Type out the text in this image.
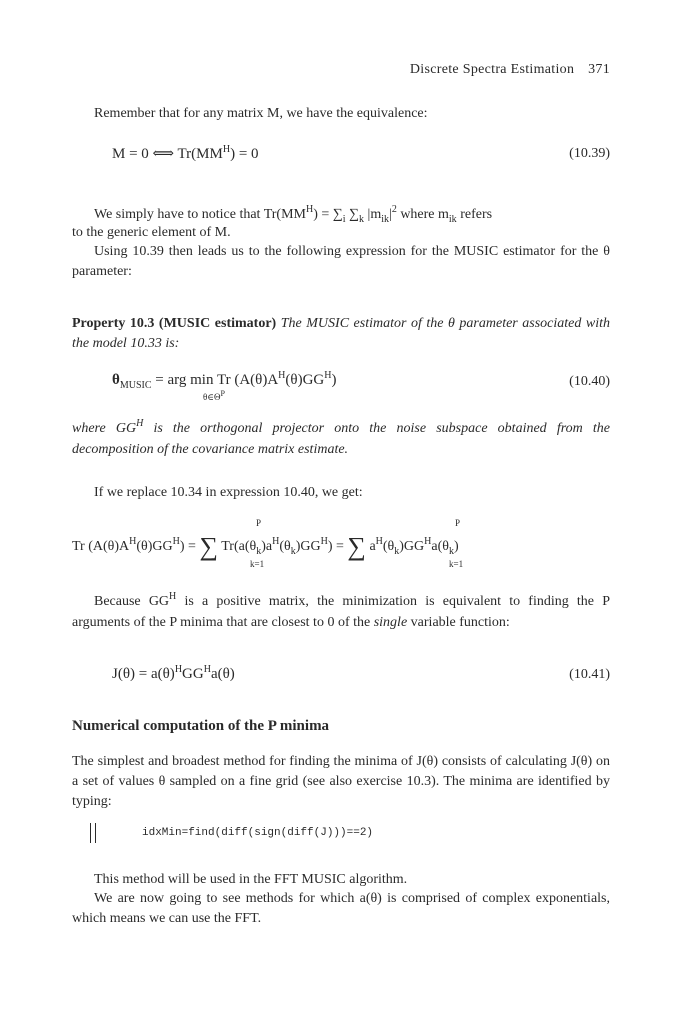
Discrete Spectra Estimation 371
Remember that for any matrix M, we have the equivalence:
M = 0 ⟺ $Tr(MM^H) = 0$	(10.39)
We simply have to notice that $Tr(MM^H) = \sum_i$ $\sum_k$ $|m_{ik}|^2$ where $m_{ik}$ refers
to the generic element of M.
Using 10.39 then leads us to the following expression for the MUSIC estimator for the θ parameter:
Property 10.3 (MUSIC estimator) The MUSIC estimator of the θ parameter associated with the model 10.33 is:
$\theta_{MUSIC}$ = arg min Tr $(A(\theta)A^H(\theta)GG^H)$
θ∈ΘP
(10.40)
where $GG^H$ is the orthogonal projector onto the noise subspace obtained from the decomposition of the covariance matrix estimate.
If we replace 10.34 in expression 10.40, we get:
Tr $(A(\theta)A^H(\theta)GG^H)$ = ∑ $Tr(a(\theta_k)a^H(\theta_k)GG^H)$ = ∑ $a^H(\theta_k)GG^Ha(\theta_k)$
P
k=1
P
k=1
Because $GG^H$ is a positive matrix, the minimization is equivalent to finding the P arguments of the P minima that are closest to 0 of the single variable function:
$J(\theta) = a(\theta)^HGG^Ha(\theta)$	(10.41)
Numerical computation of the P minima
The simplest and broadest method for finding the minima of J(θ) consists of calculating J(θ) on a set of values θ sampled on a fine grid (see also exercise 10.3). The minima are identified by typing:
idxMin=find(diff(sign(diff(J)))==2)
This method will be used in the FFT MUSIC algorithm.
We are now going to see methods for which a(θ) is comprised of complex exponentials, which means we can use the FFT.
